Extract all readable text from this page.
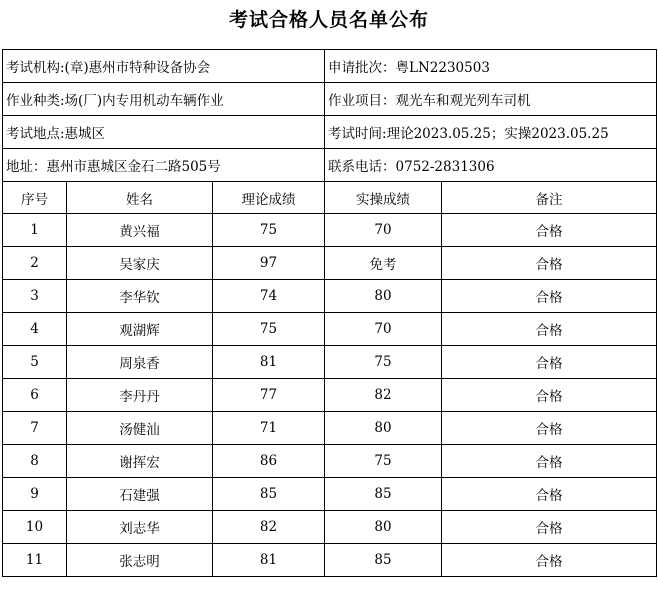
考试合格人员名单公布
考试机构:(章)惠州市特种设备协会			申请批次：粤LN2230503	
作业种类:场(厂)内专用机动车辆作业			作业项目：观光车和观光列车司机	
考试地点:惠城区			考试时间:理论2023.05.25；实操2023.05.25	
地址：惠州市惠城区金石二路505号			联系电话：0752-2831306	
序号	姓名	理论成绩	实操成绩	备注
1	黄兴福	75	70	合格
2	吴家庆	97	免考	合格
3	李华钦	74	80	合格
4	观湖辉	75	70	合格
5	周泉香	81	75	合格
6	李丹丹	77	82	合格
7	汤健汕	71	80	合格
8	谢挥宏	86	75	合格
9	石建强	85	85	合格
10	刘志华	82	80	合格
11	张志明	81	85	合格
